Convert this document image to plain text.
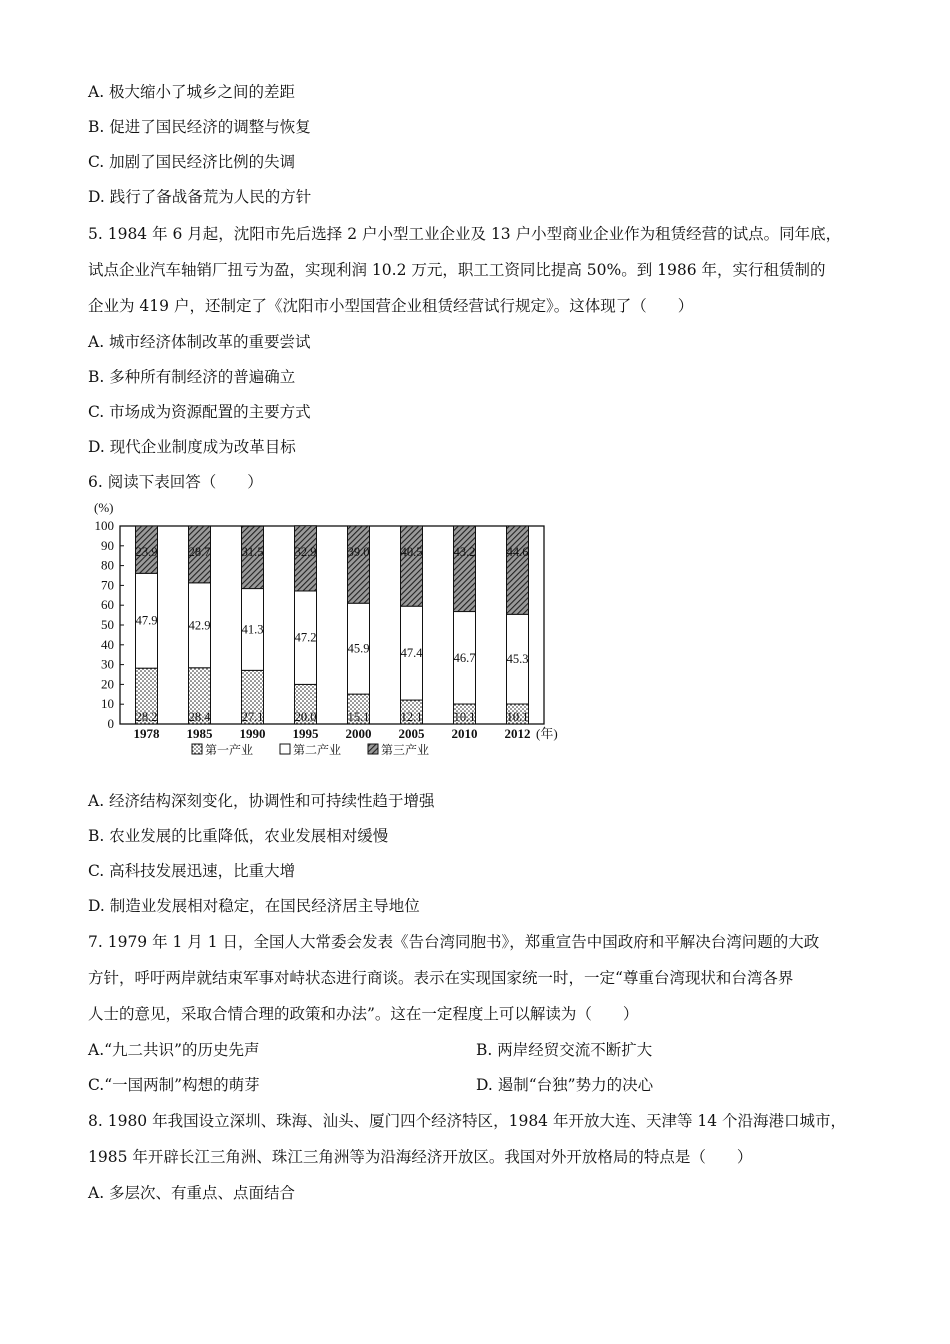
A. 极大缩小了城乡之间的差距
B. 促进了国民经济的调整与恢复
C. 加剧了国民经济比例的失调
D. 践行了备战备荒为人民的方针
5. 1984 年 6 月起，沈阳市先后选择 2 户小型工业企业及 13 户小型商业企业作为租赁经营的试点。同年底，
试点企业汽车轴销厂扭亏为盈，实现利润 10.2 万元，职工工资同比提高 50%。到 1986 年，实行租赁制的
企业为 419 户，还制定了《沈阳市小型国营企业租赁经营试行规定》。这体现了（　　）
A. 城市经济体制改革的重要尝试
B. 多种所有制经济的普遍确立
C. 市场成为资源配置的主要方式
D. 现代企业制度成为改革目标
6. 阅读下表回答（　　）
A. 经济结构深刻变化，协调性和可持续性趋于增强
B. 农业发展的比重降低，农业发展相对缓慢
C. 高科技发展迅速，比重大增
D. 制造业发展相对稳定，在国民经济居主导地位
7. 1979 年 1 月 1 日，全国人大常委会发表《告台湾同胞书》，郑重宣告中国政府和平解决台湾问题的大政
方针，呼吁两岸就结束军事对峙状态进行商谈。表示在实现国家统一时，一定“尊重台湾现状和台湾各界
人士的意见，采取合情合理的政策和办法”。这在一定程度上可以解读为（　　）
8. 1980 年我国设立深圳、珠海、汕头、厦门四个经济特区，1984 年开放大连、天津等 14 个沿海港口城市，
1985 年开辟长江三角洲、珠江三角洲等为沿海经济开放区。我国对外开放格局的特点是（　　）
A. 多层次、有重点、点面结合
A.“九二共识”的历史先声	B. 两岸经贸交流不断扩大
C.“一国两制”构想的萌芽	D. 遏制“台独”势力的决心
(%)
0
10
20
30
40
50
60
70
80
90
100
28.2
47.9
23.9
28.4
42.9
28.7
27.1
41.3
31.5
20.0
47.2
32.9
15.1
45.9
39.0
12.1
47.4
40.5
10.1
46.7
43.2
10.1
45.3
44.6
1978 1985 1990 1995 2000 2005 2010 2012 (年)
第一产业	第二产业	第三产业
